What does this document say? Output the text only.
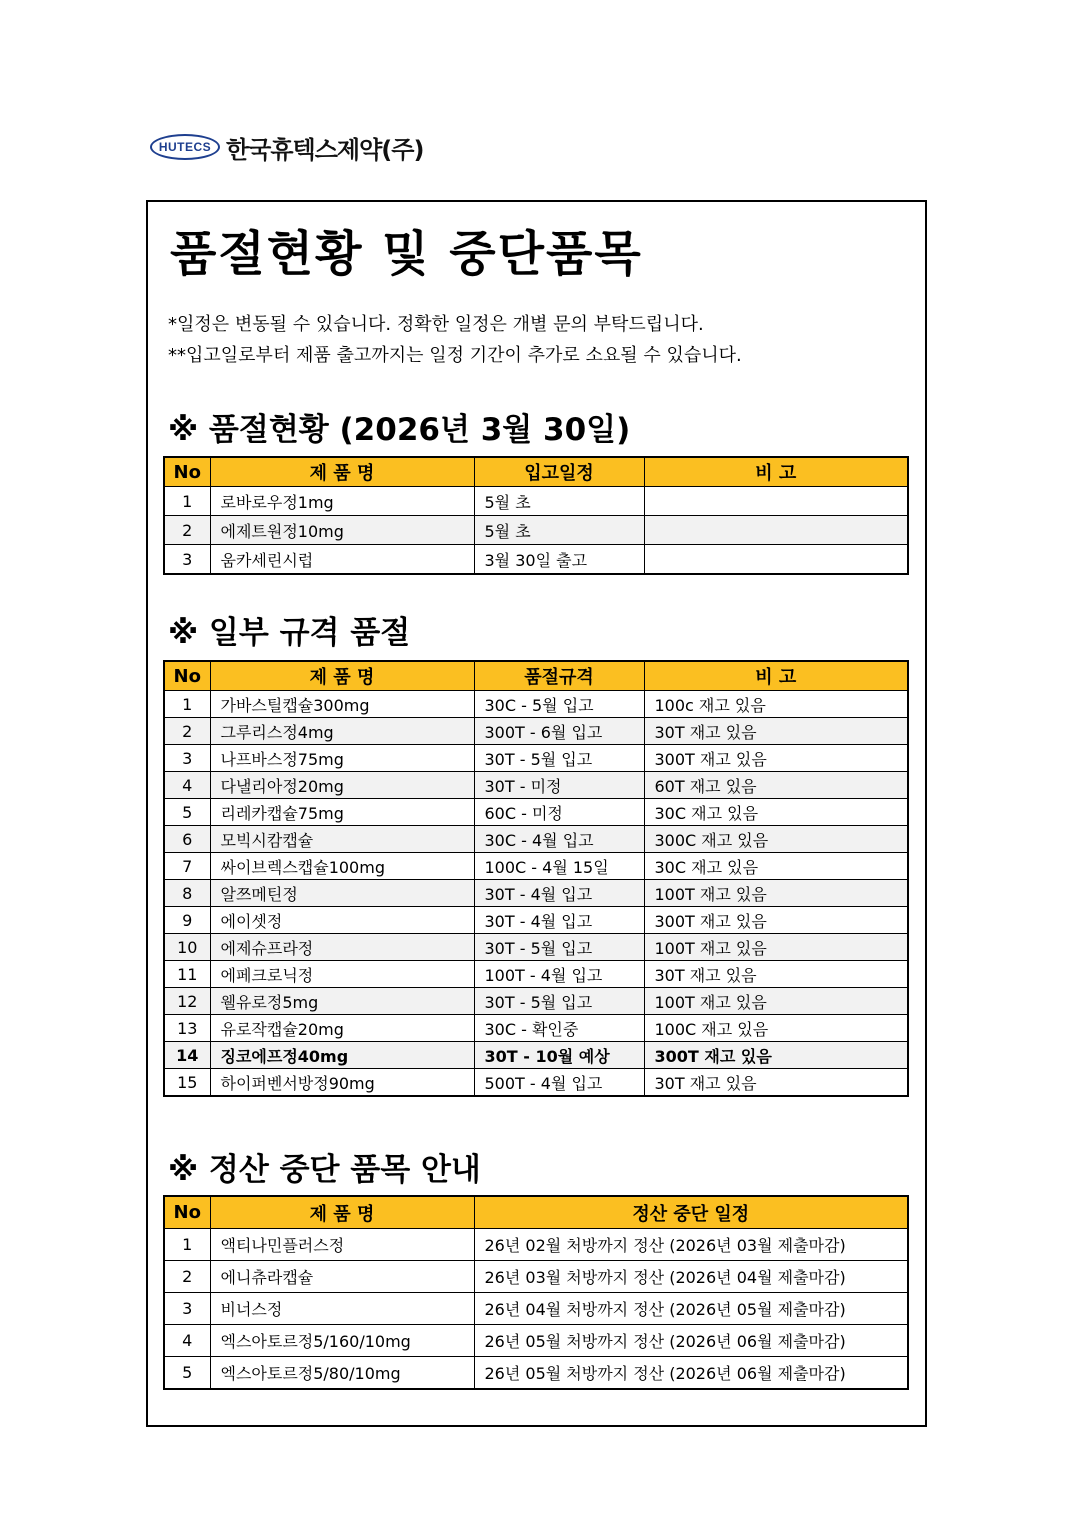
HUTECS 한국휴텍스제약(주)
품절현황 및 중단품목
*일정은 변동될 수 있습니다. 정확한 일정은 개별 문의 부탁드립니다.
**입고일로부터 제품 출고까지는 일정 기간이 추가로 소요될 수 있습니다.
※ 품절현황 (2026년 3월 30일)
No	제 품 명	입고일정	비 고
1	로바로우정1mg	5월 초	
2	에제트원정10mg	5월 초	
3	움카세린시럽	3월 30일 출고	
※ 일부 규격 품절
No	제 품 명	품절규격	비 고
1	가바스틸캡슐300mg	30C - 5월 입고	100c 재고 있음
2	그루리스정4mg	300T - 6월 입고	30T 재고 있음
3	나프바스정75mg	30T - 5월 입고	300T 재고 있음
4	다낼리아정20mg	30T - 미정	60T 재고 있음
5	리레카캡슐75mg	60C - 미정	30C 재고 있음
6	모빅시캄캡슐	30C - 4월 입고	300C 재고 있음
7	싸이브렉스캡슐100mg	100C - 4월 15일	30C 재고 있음
8	알쯔메틴정	30T - 4월 입고	100T 재고 있음
9	에이셋정	30T - 4월 입고	300T 재고 있음
10	에제슈프라정	30T - 5월 입고	100T 재고 있음
11	에페크로닉정	100T - 4월 입고	30T 재고 있음
12	웰유로정5mg	30T - 5월 입고	100T 재고 있음
13	유로작캡슐20mg	30C - 확인중	100C 재고 있음
14	징코에프정40mg	30T - 10월 예상	300T 재고 있음
15	하이퍼벤서방정90mg	500T - 4월 입고	30T 재고 있음
※ 정산 중단 품목 안내
No	제 품 명	정산 중단 일정
1	액티나민플러스정	26년 02월 처방까지 정산 (2026년 03월 제출마감)
2	에니츄라캡슐	26년 03월 처방까지 정산 (2026년 04월 제출마감)
3	비너스정	26년 04월 처방까지 정산 (2026년 05월 제출마감)
4	엑스아토르정5/160/10mg	26년 05월 처방까지 정산 (2026년 06월 제출마감)
5	엑스아토르정5/80/10mg	26년 05월 처방까지 정산 (2026년 06월 제출마감)
